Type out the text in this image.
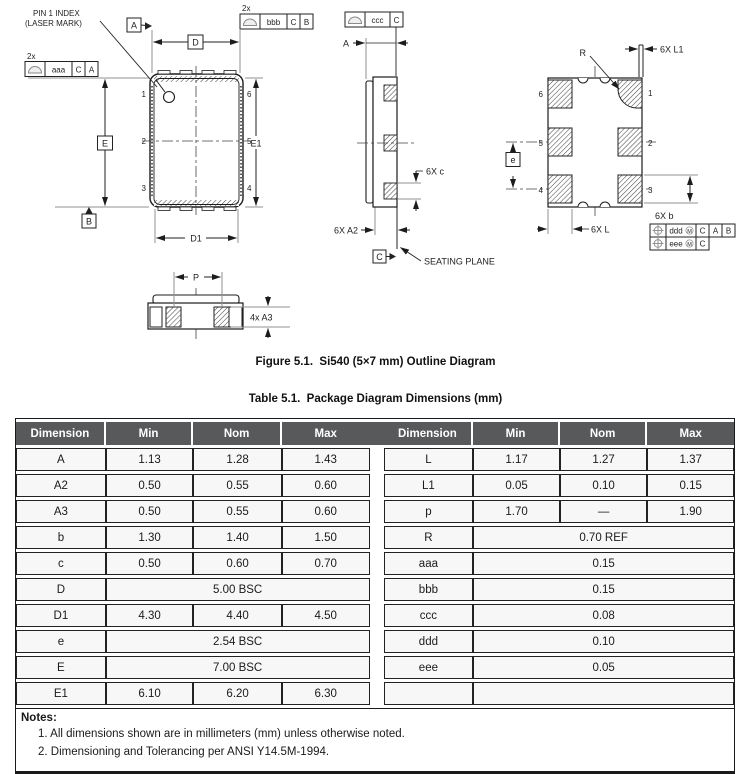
D
E	E1
D1
1
2
3
6
5
4
A
B
2x
aaa C A
2x
bbb C B
PIN 1 INDEX
(LASER MARK)	ccc C
A
6X c
6X A2
SEATING PLANE
C
6X L1
R
e
6X b
6X L
6
5
4
1
2
3
ddd M C A B
eee M C
P
4x A3
Figure 5.1.  Si540 (5×7 mm) Outline Diagram
Table 5.1.  Package Diagram Dimensions (mm)
Dimension	Min	Nom	Max
A	1.13	1.28	1.43
A2	0.50	0.55	0.60
A3	0.50	0.55	0.60
b	1.30	1.40	1.50
c	0.50	0.60	0.70
D	5.00 BSC		
D1	4.30	4.40	4.50
e	2.54 BSC		
E	7.00 BSC		
E1	6.10	6.20	6.30
Dimension	Min	Nom	Max
L	1.17	1.27	1.37
L1	0.05	0.10	0.15
p	1.70	—	1.90
R	0.70 REF		
aaa	0.15		
bbb	0.15		
ccc	0.08		
ddd	0.10		
eee	0.05		

Notes:
1. All dimensions shown are in millimeters (mm) unless otherwise noted.
2. Dimensioning and Tolerancing per ANSI Y14.5M-1994.
